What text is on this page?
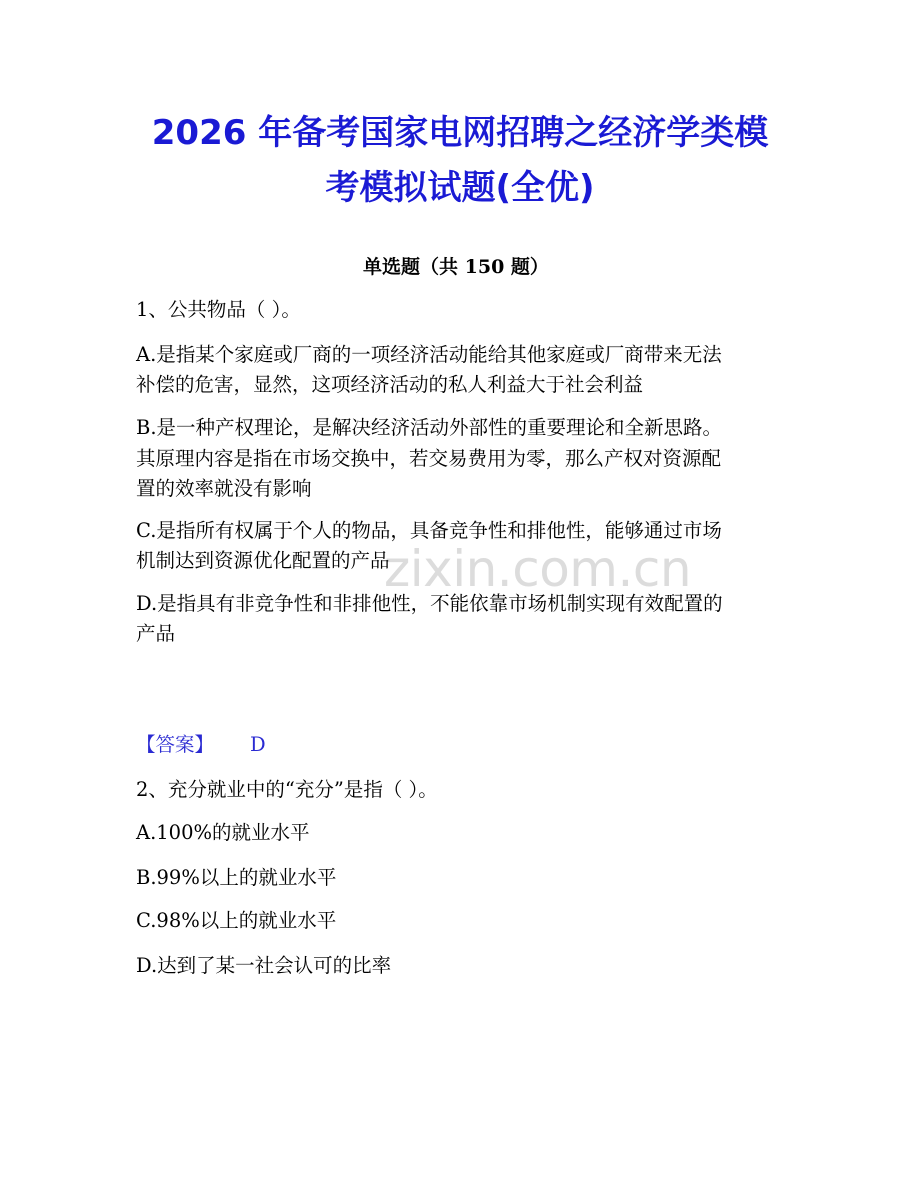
zixin.com.cn
2026 年备考国家电网招聘之经济学类模
考模拟试题(全优)
单选题（共 150 题）
1、公共物品（ ）。
A.是指某个家庭或厂商的一项经济活动能给其他家庭或厂商带来无法
补偿的危害，显然，这项经济活动的私人利益大于社会利益
B.是一种产权理论，是解决经济活动外部性的重要理论和全新思路。
其原理内容是指在市场交换中，若交易费用为零，那么产权对资源配
置的效率就没有影响
C.是指所有权属于个人的物品，具备竞争性和排他性，能够通过市场
机制达到资源优化配置的产品
D.是指具有非竞争性和非排他性，不能依靠市场机制实现有效配置的
产品
【答案】 D
2、充分就业中的“充分”是指（ ）。
A.100%的就业水平
B.99%以上的就业水平
C.98%以上的就业水平
D.达到了某一社会认可的比率
